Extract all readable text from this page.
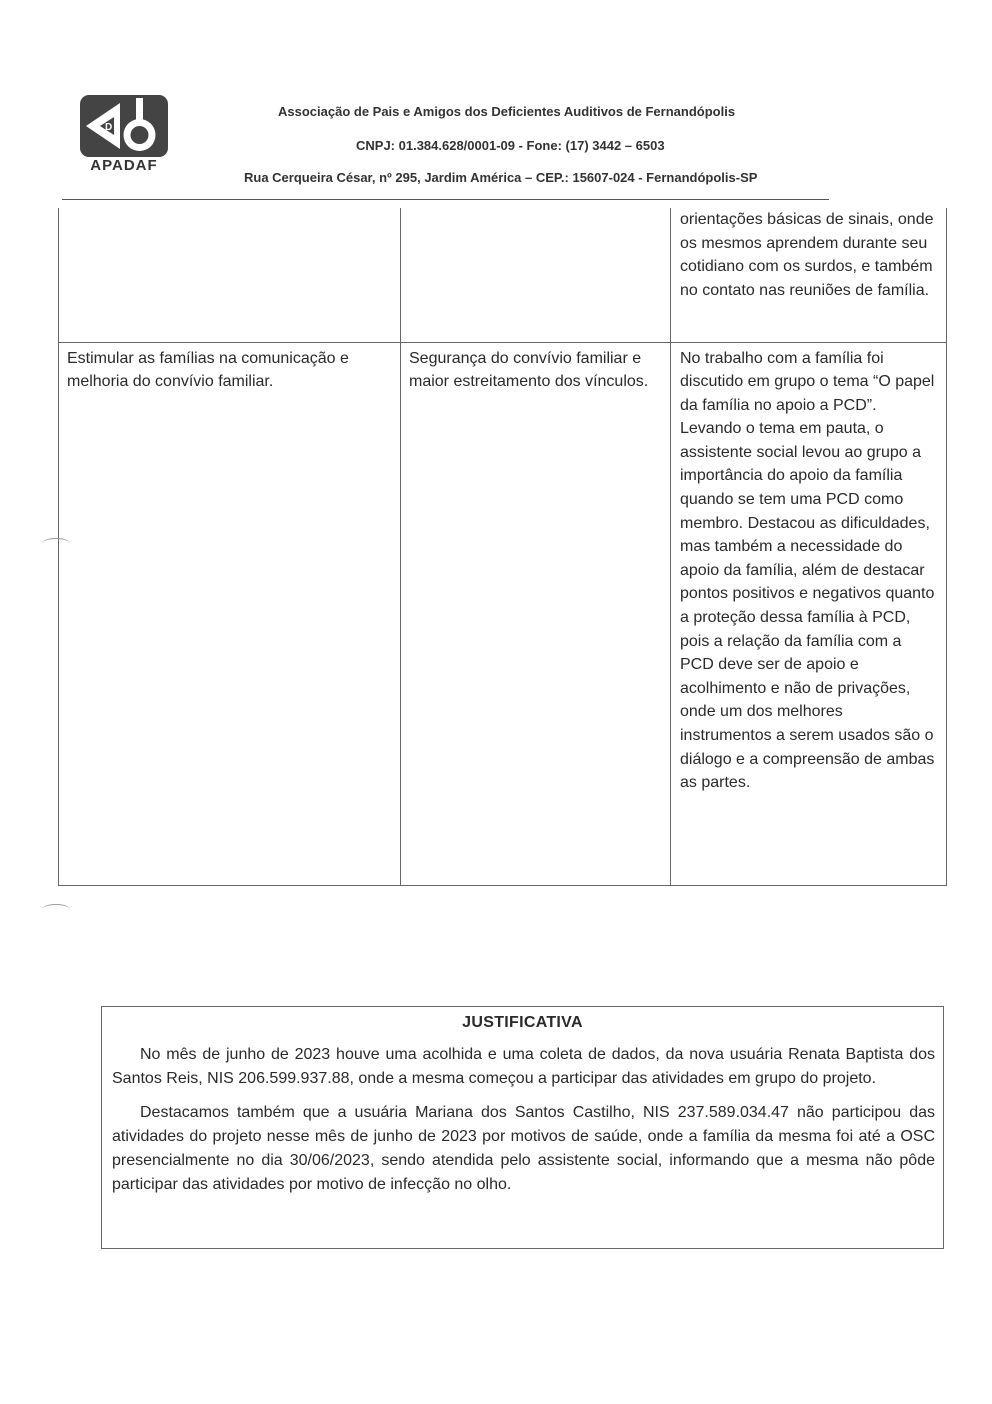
D
APADAF
Associação de Pais e Amigos dos Deficientes Auditivos de Fernandópolis
CNPJ: 01.384.628/0001-09 - Fone: (17) 3442 – 6503
Rua Cerqueira César, nº 295, Jardim América – CEP.: 15607-024 - Fernandópolis-SP
		orientações básicas de sinais, onde os mesmos aprendem durante seu cotidiano com os surdos, e também no contato nas reuniões de família.
Estimular as famílias na comunicação e melhoria do convívio familiar.	Segurança do convívio familiar e maior estreitamento dos vínculos.	No trabalho com a família foi discutido em grupo o tema “O papel da família no apoio a PCD”. Levando o tema em pauta, o assistente social levou ao grupo a importância do apoio da família quando se tem uma PCD como membro. Destacou as dificuldades, mas também a necessidade do apoio da família, além de destacar pontos positivos e negativos quanto a proteção dessa família à PCD, pois a relação da família com a PCD deve ser de apoio e acolhimento e não de privações, onde um dos melhores instrumentos a serem usados são o diálogo e a compreensão de ambas as partes.
JUSTIFICATIVA

No mês de junho de 2023 houve uma acolhida e uma coleta de dados, da nova usuária Renata Baptista dos Santos Reis, NIS 206.599.937.88, onde a mesma começou a participar das atividades em grupo do projeto.

Destacamos também que a usuária Mariana dos Santos Castilho, NIS 237.589.034.47 não participou das atividades do projeto nesse mês de junho de 2023 por motivos de saúde, onde a família da mesma foi até a OSC presencialmente no dia 30/06/2023, sendo atendida pelo assistente social, informando que a mesma não pôde participar das atividades por motivo de infecção no olho.
